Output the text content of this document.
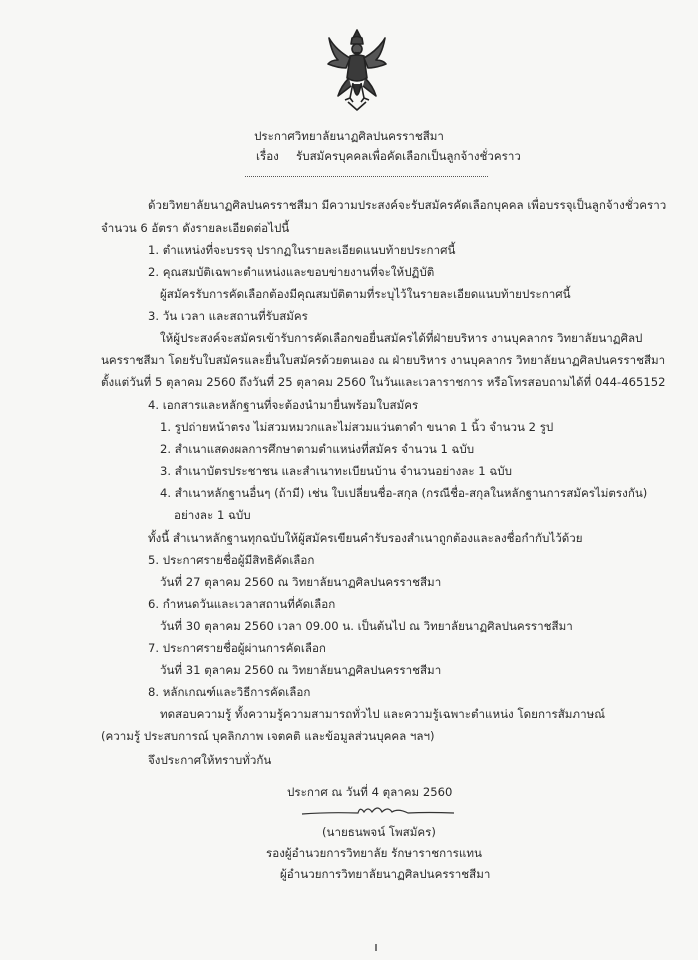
ประกาศวิทยาลัยนาฏศิลปนครราชสีมา
เรื่อง รับสมัครบุคคลเพื่อคัดเลือกเป็นลูกจ้างชั่วคราว
ด้วยวิทยาลัยนาฏศิลปนครราชสีมา มีความประสงค์จะรับสมัครคัดเลือกบุคคล เพื่อบรรจุเป็นลูกจ้างชั่วคราว
จำนวน 6 อัตรา ดังรายละเอียดต่อไปนี้
1. ตำแหน่งที่จะบรรจุ ปรากฏในรายละเอียดแนบท้ายประกาศนี้
2. คุณสมบัติเฉพาะตำแหน่งและขอบข่ายงานที่จะให้ปฏิบัติ
ผู้สมัครรับการคัดเลือกต้องมีคุณสมบัติตามที่ระบุไว้ในรายละเอียดแนบท้ายประกาศนี้
3. วัน เวลา และสถานที่รับสมัคร
ให้ผู้ประสงค์จะสมัครเข้ารับการคัดเลือกขอยื่นสมัครได้ที่ฝ่ายบริหาร งานบุคลากร วิทยาลัยนาฏศิลป
นครราชสีมา โดยรับใบสมัครและยื่นใบสมัครด้วยตนเอง ณ ฝ่ายบริหาร งานบุคลากร วิทยาลัยนาฏศิลปนครราชสีมา
ตั้งแต่วันที่ 5 ตุลาคม 2560 ถึงวันที่ 25 ตุลาคม 2560 ในวันและเวลาราชการ หรือโทรสอบถามได้ที่ 044-465152
4. เอกสารและหลักฐานที่จะต้องนำมายื่นพร้อมใบสมัคร
1. รูปถ่ายหน้าตรง ไม่สวมหมวกและไม่สวมแว่นตาดำ ขนาด 1 นิ้ว จำนวน 2 รูป
2. สำเนาแสดงผลการศึกษาตามตำแหน่งที่สมัคร จำนวน 1 ฉบับ
3. สำเนาบัตรประชาชน และสำเนาทะเบียนบ้าน จำนวนอย่างละ 1 ฉบับ
4. สำเนาหลักฐานอื่นๆ (ถ้ามี) เช่น ใบเปลี่ยนชื่อ-สกุล (กรณีชื่อ-สกุลในหลักฐานการสมัครไม่ตรงกัน)
อย่างละ 1 ฉบับ
ทั้งนี้ สำเนาหลักฐานทุกฉบับให้ผู้สมัครเขียนคำรับรองสำเนาถูกต้องและลงชื่อกำกับไว้ด้วย
5. ประกาศรายชื่อผู้มีสิทธิคัดเลือก
วันที่ 27 ตุลาคม 2560 ณ วิทยาลัยนาฏศิลปนครราชสีมา
6. กำหนดวันและเวลาสถานที่คัดเลือก
วันที่ 30 ตุลาคม 2560 เวลา 09.00 น. เป็นต้นไป ณ วิทยาลัยนาฏศิลปนครราชสีมา
7. ประกาศรายชื่อผู้ผ่านการคัดเลือก
วันที่ 31 ตุลาคม 2560 ณ วิทยาลัยนาฏศิลปนครราชสีมา
8. หลักเกณฑ์และวิธีการคัดเลือก
ทดสอบความรู้ ทั้งความรู้ความสามารถทั่วไป และความรู้เฉพาะตำแหน่ง โดยการสัมภาษณ์
(ความรู้ ประสบการณ์ บุคลิกภาพ เจตคติ และข้อมูลส่วนบุคคล ฯลฯ)
จึงประกาศให้ทราบทั่วกัน
ประกาศ ณ วันที่ 4 ตุลาคม 2560
(นายธนพจน์ โพสมัคร)
รองผู้อำนวยการวิทยาลัย รักษาราชการแทน
ผู้อำนวยการวิทยาลัยนาฏศิลปนครราชสีมา
